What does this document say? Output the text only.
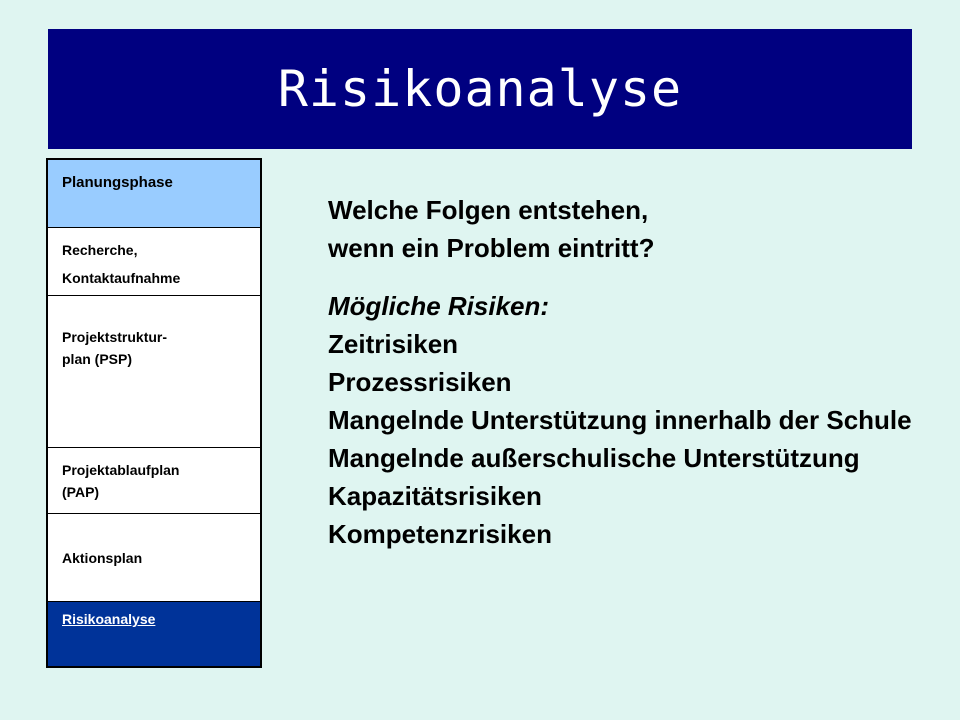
Risikoanalyse
Planungsphase
Recherche,
Kontaktaufnahme
Projektstruktur-
plan (PSP)
Projektablaufplan
(PAP)
Aktionsplan
Risikoanalyse

Welche Folgen entstehen,
wenn ein Problem eintritt?

Mögliche Risiken:

Zeitrisiken
Prozessrisiken
Mangelnde Unterstützung innerhalb der Schule
Mangelnde außerschulische Unterstützung
Kapazitätsrisiken
Kompetenzrisiken
